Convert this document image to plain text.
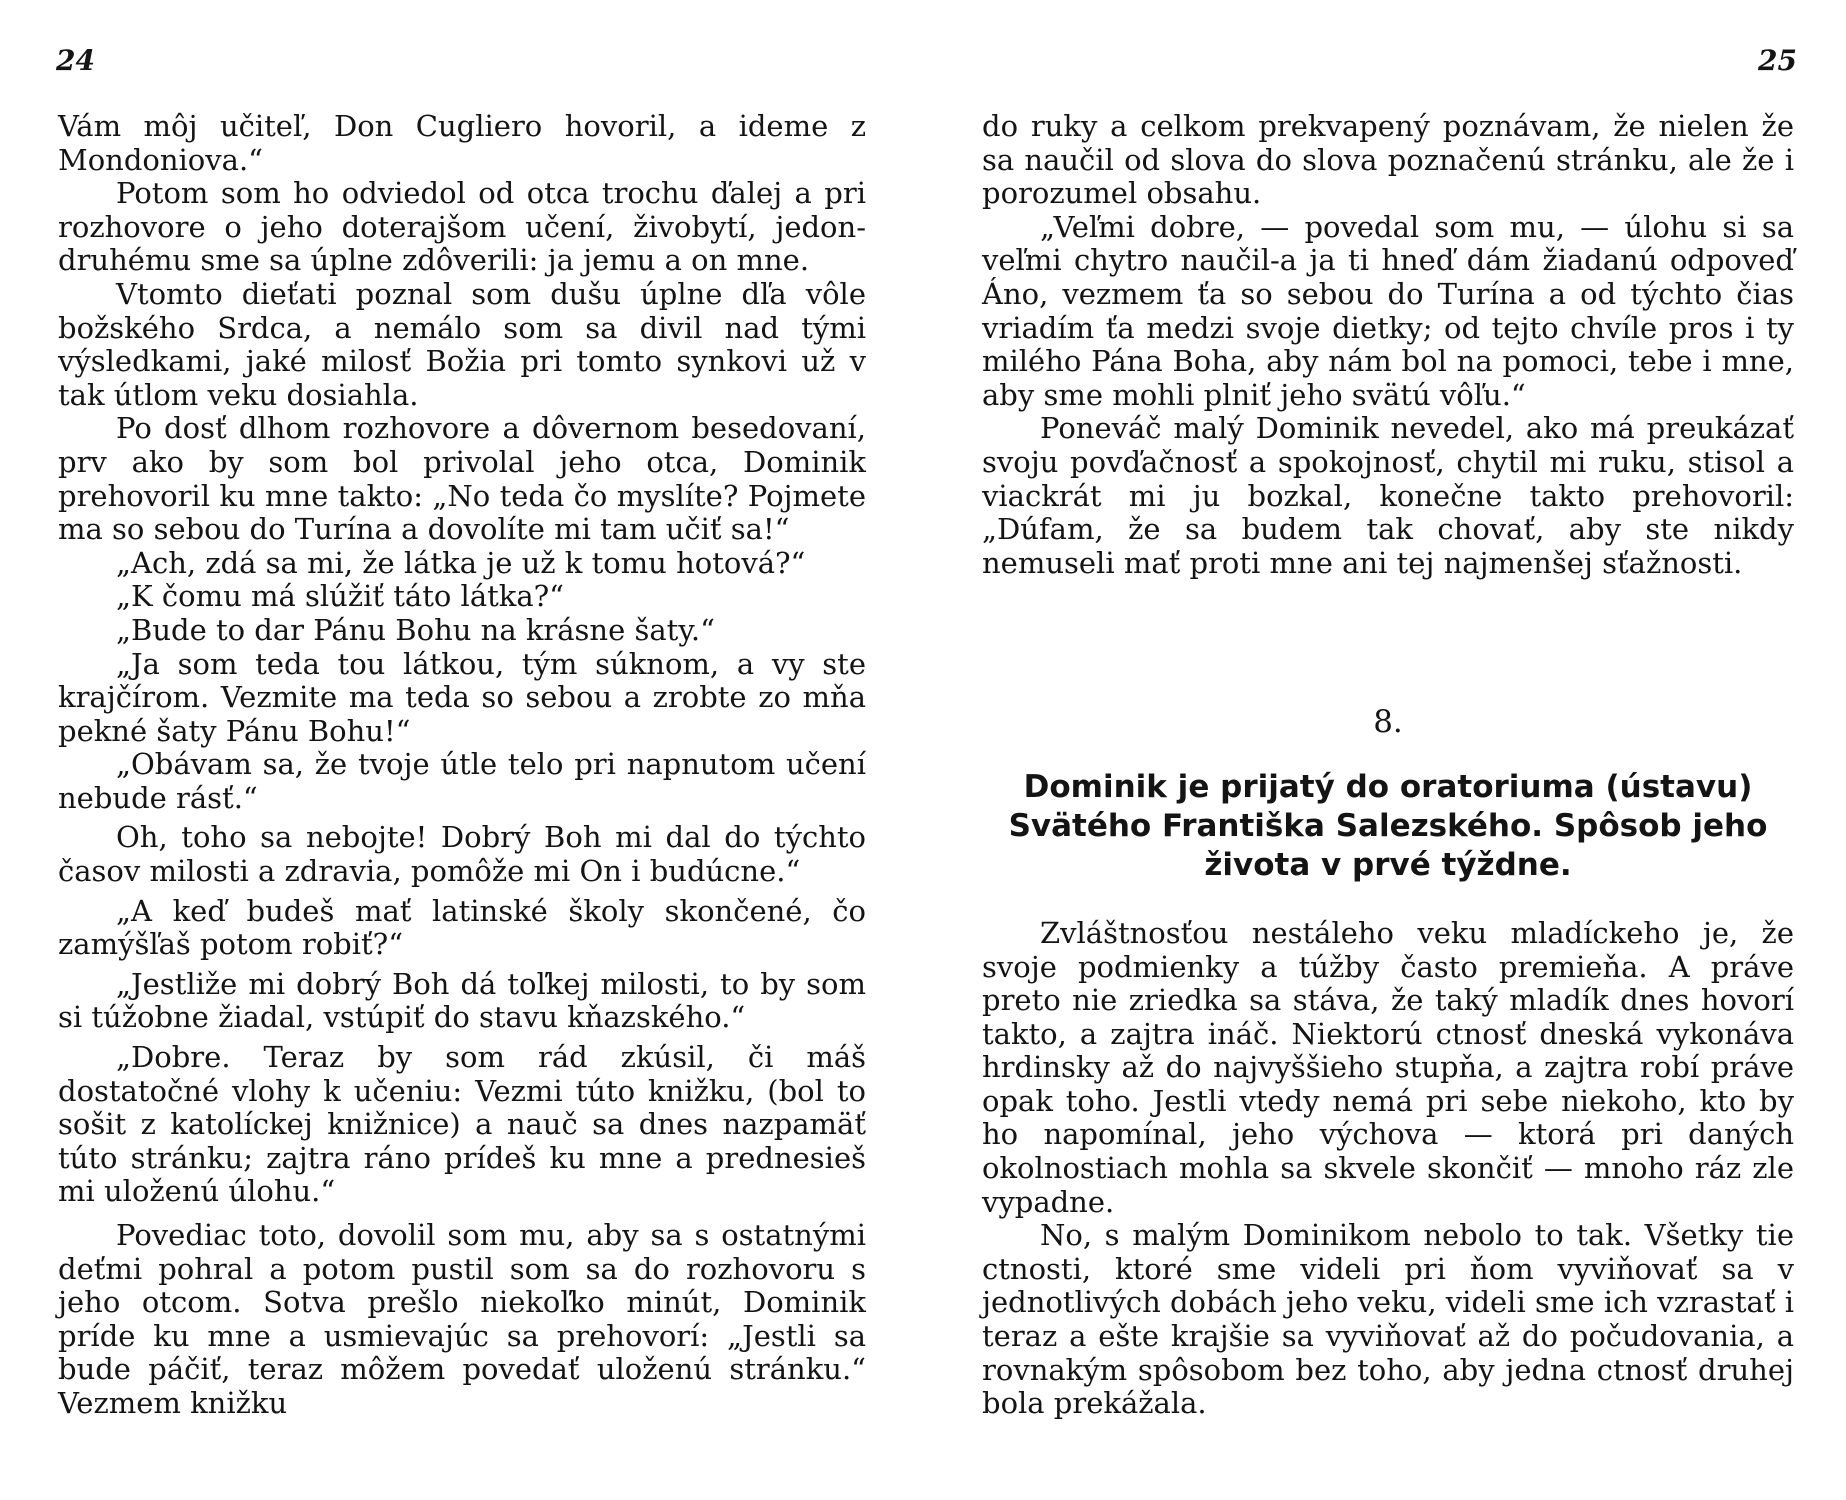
24	25

Vám môj učiteľ, Don Cugliero hovoril, a ideme z Mondoniova.“

Potom som ho odviedol od otca trochu ďalej a pri rozhovore o jeho doterajšom učení, živobytí, jedon- druhému sme sa úplne zdôverili: ja jemu a on mne.

Vtomto dieťati poznal som dušu úplne dľa vôle božského Srdca, a nemálo som sa divil nad tými výsledkami, jaké milosť Božia pri tomto synkovi už v tak útlom veku dosiahla.

Po dosť dlhom rozhovore a dôvernom besedovaní, prv ako by som bol privolal jeho otca, Dominik prehovoril ku mne takto: „No teda čo myslíte? Pojmete ma so sebou do Turína a dovolíte mi tam učiť sa!“

„Ach, zdá sa mi, že látka je už k tomu hotová?“

„K čomu má slúžiť táto látka?“

„Bude to dar Pánu Bohu na krásne šaty.“

„Ja som teda tou látkou, tým súknom, a vy ste krajčírom. Vezmite ma teda so sebou a zrobte zo mňa pekné šaty Pánu Bohu!“

„Obávam sa, že tvoje útle telo pri napnutom učení nebude rásť.“

Oh, toho sa nebojte! Dobrý Boh mi dal do týchto časov milosti a zdravia, pomôže mi On i budúcne.“

„A keď budeš mať latinské školy skončené, čo zamýšľaš potom robiť?“

„Jestliže mi dobrý Boh dá toľkej milosti, to by som si túžobne žiadal, vstúpiť do stavu kňazského.“

„Dobre. Teraz by som rád zkúsil, či máš dostatočné vlohy k učeniu: Vezmi túto knižku, (bol to sošit z katolíckej knižnice) a nauč sa dnes nazpamäť túto stránku; zajtra ráno prídeš ku mne a prednesieš mi uloženú úlohu.“

Povediac toto, dovolil som mu, aby sa s ostatnými deťmi pohral a potom pustil som sa do rozhovoru s jeho otcom. Sotva prešlo niekoľko minút, Dominik príde ku mne a usmievajúc sa prehovorí: „Jestli sa bude páčiť, teraz môžem povedať uloženú stránku.“ Vezmem knižku

do ruky a celkom prekvapený poznávam, že nielen že sa naučil od slova do slova poznačenú stránku, ale že i porozumel obsahu.

„Veľmi dobre, — povedal som mu, — úlohu si sa veľmi chytro naučil-a ja ti hneď dám žiadanú odpoveď Áno, vezmem ťa so sebou do Turína a od týchto čias vriadím ťa medzi svoje dietky; od tejto chvíle pros i ty milého Pána Boha, aby nám bol na pomoci, tebe i mne, aby sme mohli plniť jeho svätú vôľu.“

Poneváč malý Dominik nevedel, ako má preukázať svoju povďačnosť a spokojnosť, chytil mi ruku, stisol a viackrát mi ju bozkal, konečne takto prehovoril: „Dúfam, že sa budem tak chovať, aby ste nikdy nemuseli mať proti mne ani tej najmenšej sťažnosti.

8.
Dominik je prijatý do oratoriuma (ústavu) Svätého Františka Salezského. Spôsob jeho života v prvé týždne.

Zvláštnosťou nestáleho veku mladíckeho je, že svoje podmienky a túžby často premieňa. A práve preto nie zriedka sa stáva, že taký mladík dnes hovorí takto, a zajtra ináč. Niektorú ctnosť dneská vykonáva hrdinsky až do najvyššieho stupňa, a zajtra robí práve opak toho. Jestli vtedy nemá pri sebe niekoho, kto by ho napomínal, jeho výchova — ktorá pri daných okolnostiach mohla sa skvele skončiť — mnoho ráz zle vypadne.

No, s malým Dominikom nebolo to tak. Všetky tie ctnosti, ktoré sme videli pri ňom vyviňovať sa v jednotlivých dobách jeho veku, videli sme ich vzrastať i teraz a ešte krajšie sa vyviňovať až do počudovania, a rovnakým spôsobom bez toho, aby jedna ctnosť druhej bola prekážala.
